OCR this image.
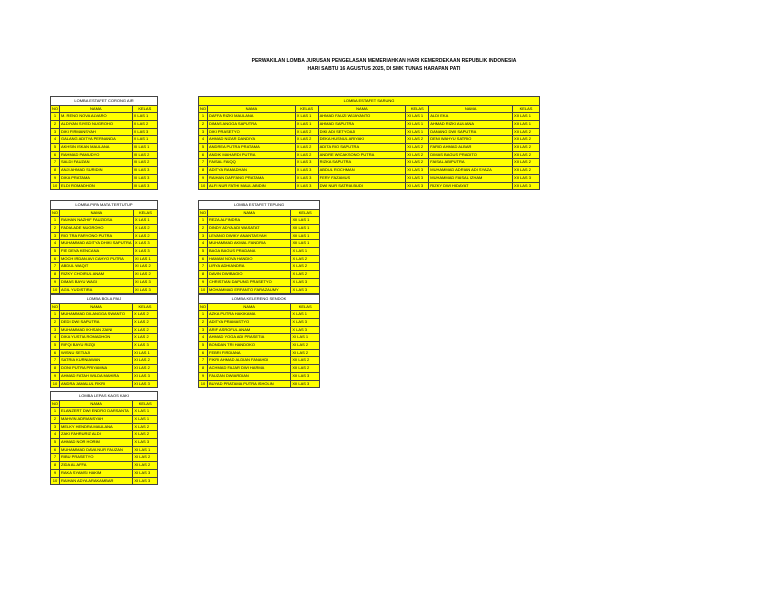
PERWAKILAN LOMBA JURUSAN PENGELASAN MEMERIAHKAN HARI KEMERDEKAAN REPUBLIK INDONESIA
HARI SABTU 16 AGUSTUS 2025, DI SMK TUNAS HARAPAN PATI
LOMBA ESTAFET CORONG AIR		
NO	NAMA	KELAS
1	M. RENO NOVA ALVARO	X LAS 1
2	ALDIYAN SIYED NUGROHO	X LAS 2
3	DIKI FIRMANSYAH	X LAS 3
4	GALANG ADITYA PERNANDA	X LAS 1
5	AKHSIN ISKAN MAULANA	XI LAS 1
6	RAHMAD PAMUDYO	XI LAS 2
7	SALDI FAUZAN	XI LAS 2
8	ANJI AHMAD SURIDIN	XI LAS 3
9	DIKA PRATAMA	XI LAS 3
10	ELDI ROMADHON	XI LAS 3
LOMBA ESTAFET SARUNG						
NO	NAMA	KELAS	NAMA	KELAS	NAMA	KELAS
1	DAFFA RIZKI MAULANA	X LAS 1	AHMAD FAUZI WIJAYANTO	XI LAS 1	ALDI EKA	XII LAS 1
2	DIMAS ANGGA SAPUTRA	X LAS 1	AHMAD SAPUTRA	XI LAS 1	AHMAD RIZKI AULIANA	XII LAS 1
3	DIKI PRASETYO	X LAS 2	DIKI ADI SETYOAJI	XI LAS 1	DANANG DWI SAPUTRA	XII LAS 2
4	AHMAD NIZAR DANDIYA	X LAS 2	DEKA HUSNUL ARIYAKI	XI LAS 2	DENI WAHYU SATRIO	XII LAS 2
5	ANDREA PUTRA PRATAMA	X LAS 2	ADITA RIO SAPUTRA	XI LAS 2	FARID AHMAD ALBAR	XII LAS 2
6	ANDIK MAHARDI PUTRA	X LAS 2	ANDRE WICAKSONO PUTRA	XI LAS 2	DIMAS BAGUS PRADITO	XII LAS 2
7	FAISAL FAIQQ	X LAS 3	RIZKA SAPUTRA	XI LAS 2	FAISAL ABIPUTRA	XII LAS 2
8	ADITYA RAMADHAN	X LAS 3	ABDUL ROCHMAN	XI LAS 3	MUHAMMAD ADRIAN ADI SYAZA	XII LAS 2
9	RAIHAN DAFFANG PRATAMA	X LAS 3	FERY FAZAMUS	XI LAS 3	MUHAMMAD FAISAL IZHAM	XII LAS 3
10	ALFI NUR FATHI MAUL ABIDIN	X LAS 3	DWI NUR SATRIA BUDI	XI LAS 3	RIZKY DWI HIDAYAT	XII LAS 3
LOMBA PIPA MATA TERTUTUP		
NO	NAMA	KELAS
1	RAIHAN NAZHIF FAUZIDSA	X LAS 1
2	FADIA ADE NUGROHO	X LAS 2
3	RIO TRA FARYONO PUTRA	X LAS 2
4	MUHAMMAD ADITYA DHIKI SAPUTRA	X LAS 3
5	FIE DEVA KENCANA	X LAS 3
6	MOCH IRDAN AVI CAHYO PUTRA	XI LAS 1
7	ABDUL WAQIT	XI LAS 2
8	RIZKY CHOIRUL ANAM	XI LAS 2
9	DIMAS BAYU WAGI	XI LAS 3
10	AGIL YUDISTIRA	XI LAS 3
LOMBA ESTAFET TEPUNG		
NO	NAMA	KELAS
1	REZA ALFINDRA	XII LAS 1
2	DINDY ADYA ADI WASATAT	XII LAS 1
3	LEVANO DWIKY ANANTASYAH	XII LAS 1
4	MUHAMMAD AKMAL FANDRIA	XII LAS 1
5	BAGA BAGUS PRADANA	X LAS 1
6	HAMAM NOVA HANDIO	X LAS 2
7	LIRYA ADHIANDRA	X LAS 2
8	DAVIN DWIBAGIO	X LAS 2
9	CHRISTIAN DAPUNG PRASETYO	X LAS 3
10	MOHAMMAD ERFANTO FARAZAUMY	X LAS 3
LOMBA BOLA PAIJ		
NO	NAMA	KELAS
1	MUHAMMAD DILANGGA SWANTO	X LAS 2
2	DEDI DWI SAPUTRA	X LAS 2
3	MUHAMMAD IKHSAN ZAINI	X LAS 2
4	DIKA YUSTIA ROMADHON	X LAS 2
5	RIFQI BAYU RIZQI	X LAS 3
6	WISNU SETIAJI	XI LAS 1
7	SATRIA KURNIAWAN	XI LAS 2
8	DONI PUTRA PRIYAMNA	XI LAS 2
9	AHMAD FATAH WILDA MAHIRA	XI LAS 3
10	ANDRA JAMALUL FIKRI	XI LAS 3
LOMBA KELERENG SENDOK		
NO	NAMA	KELAS
1	AZKA PUTRA HAKIKAMA	X LAS 1
2	ADITYA PRAMASTYO	X LAS 3
3	ARIF ASROFUL ANAM	X LAS 3
4	AHMAD YOGA ADI PRASETIA	XI LAS 1
5	BONDAN TRI HANDOKO	XI LAS 2
6	FEBRI FIRDIANA	XI LAS 2
7	FIKRI AHMAD ALDIAN FANAHDI	XII LAS 2
8	ACHMAD FAJAR DWI HARMA	XII LAS 2
9	FAUZAN DWIARDIAN	XII LAS 3
10	BUYAD PRATAMA PUTRA ISHOLIN	XII LAS 3
LOMBA LEPAS KAOS KAKI		
NO	NAMA	KELAS
1	ELANZERT DWI ENDRO DARSANTA	X LAS 1
2	MAHVIN ADRIANSYAH	X LAS 1
3	MELKY HENDRA MAULANA	X LAS 2
4	ZAKI FAHRURIZ ALDI	X LAS 2
5	AHMAD NOR HORIM	X LAS 3
6	MUHAMMAD DAVA NUR FAUZAN	XI LAS 1
7	RIBU PRASETYO	XI LAS 2
8	ZIDA AL AFFA	XI LAS 2
9	RAKA SYAMSI HAKIM	XI LAS 3
10	RAIHAN ADYA ARAKAMBAR	XI LAS 3
